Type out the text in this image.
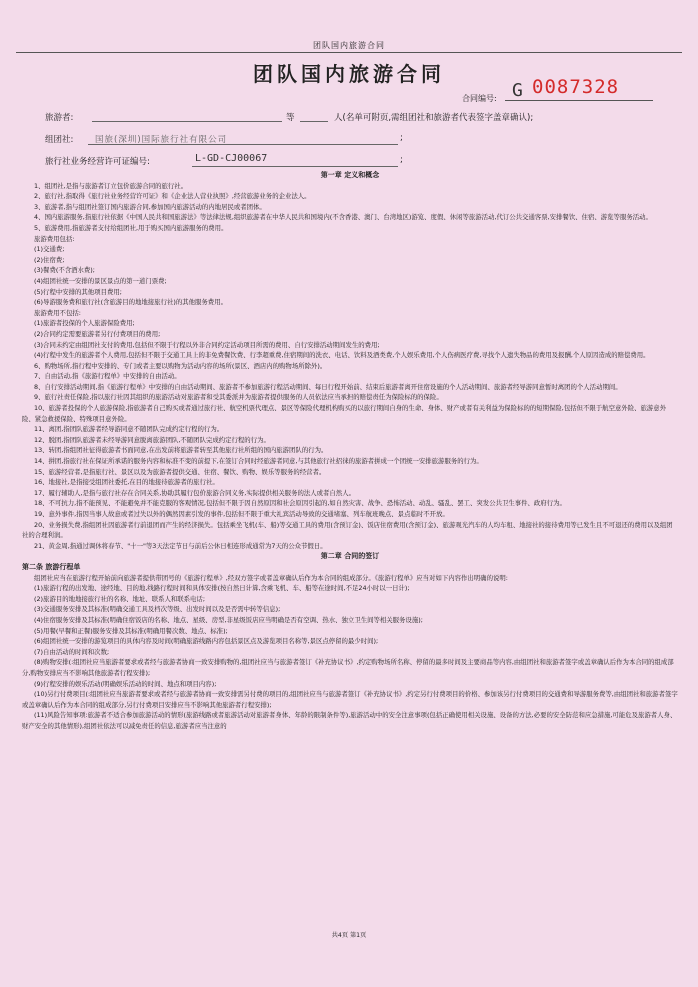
团队国内旅游合同
团队国内旅游合同
合同编号: G 0087328
旅游者:	等	人(名单可附页,需组团社和旅游者代表签字盖章确认);
组团社:	国旅(深圳)国际旅行社有限公司	;
旅行社业务经营许可证编号:	L-GD-CJ00067	;

第一章 定义和概念

1、组团社,是指与旅游者订立包价旅游合同的旅行社。

2、旅行社,指取得《旅行社业务经营许可证》和《企业法人营业执照》,经营旅游业务的企业法人。

3、旅游者,指与组团社签订国内旅游合同,参加国内旅游活动的内地居民或者团体。

4、国内旅游服务,指旅行社依据《中国人民共和国旅游法》等法律法规,组织旅游者在中华人民共和国境内(不含香港、澳门、台湾地区)游览、度假、休闲等旅游活动,代订公共交通客票,安排餐饮、住宿、游览等服务活动。

5、旅游费用,指旅游者支付给组团社,用于购买国内旅游服务的费用。

旅游费用包括:

(1)交通费;

(2)住宿费;

(3)餐费(不含酒水费);

(4)组团社统一安排的景区景点的第一道门票费;

(5)行程中安排的其他项目费用;

(6)导游服务费和旅行社(含旅游目的地地接旅行社)的其他服务费用。

旅游费用不包括:

(1)旅游者投保的个人旅游保险费用;

(2)合同约定需要旅游者另行付费项目的费用;

(3)合同未约定由组团社支付的费用,包括但不限于行程以外非合同约定活动项目所需的费用、自行安排活动期间发生的费用;

(4)行程中发生的旅游者个人费用,包括但不限于交通工具上的非免费餐饮费、行李超重费,住宿期间的洗衣、电话、饮料及酒类费,个人娱乐费用,个人伤病医疗费,寻找个人遗失物品的费用及报酬,个人原因造成的赔偿费用。

6、购物场所,指行程中安排的、专门或者主要以购物为活动内容的场所(景区、酒店内的购物场所除外)。

7、自由活动,指《旅游行程单》中安排的自由活动。

8、自行安排活动期间,指《旅游行程单》中安排的自由活动期间、旅游者不参加旅游行程活动期间、每日行程开始前、结束后旅游者离开住宿设施的个人活动期间、旅游者经导游同意暂时离团的个人活动期间。

9、旅行社责任保险,指以旅行社因其组织的旅游活动对旅游者和受其委派并为旅游者提供服务的人员依法应当承担的赔偿责任为保险标的的保险。

10、旅游者投保的个人旅游保险,指旅游者自己购买或者通过旅行社、航空机票代理点、景区等保险代理机构购买的以旅行期间自身的生命、身体、财产或者有关利益为保险标的的短期保险,包括但不限于航空意外险、旅游意外险、紧急救援保险、特殊项目意外险。

11、离团,指团队旅游者经导游同意不随团队完成约定行程的行为。

12、脱团,指团队旅游者未经导游同意脱离旅游团队,不随团队完成约定行程的行为。

13、转团,指组团社征得旅游者书面同意,在出发前将旅游者转至其他旅行社所组的国内旅游团队的行为。

14、拼团,指旅行社在保证所承诺的服务内容和标准不变的前提下,在签订合同时经旅游者同意,与其他旅行社招徕的旅游者拼成一个团统一安排旅游服务的行为。

15、旅游经营者,是指旅行社、景区以及为旅游者提供交通、住宿、餐饮、购物、娱乐等服务的经营者。

16、地接社,是指接受组团社委托,在目的地接待旅游者的旅行社。

17、履行辅助人,是指与旅行社存在合同关系,协助其履行包价旅游合同义务,实际提供相关服务的法人或者自然人。

18、不可抗力,指不能预见、不能避免并不能克服的客观情况,包括但不限于因自然原因和社会原因引起的,如自然灾害、战争、恐怖活动、动乱、骚乱、罢工、突发公共卫生事件、政府行为。

19、意外事件,指因当事人故意或者过失以外的偶然因素引发的事件,包括但不限于重大礼宾活动导致的交通堵塞、列车航班晚点、景点临时不开放。

20、业务损失费,指组团社因旅游者行前退团而产生的经济损失。包括乘坐飞机(车、船)等交通工具的费用(含预订金)、饭店住宿费用(含预订金)、旅游观光汽车的人均车租、地接社的接待费用等已发生且不可退还的费用以及组团社的合理利润。

21、黄金周,指通过调休将春节、"十一"等3天法定节日与前后公休日相连形成通常为7天的公众节假日。

第二章 合同的签订

第二条 旅游行程单

组团社应当在旅游行程开始前向旅游者提供带团号的《旅游行程单》,经双方签字或者盖章确认后作为本合同的组成部分。《旅游行程单》应当对如下内容作出明确的说明:

(1)旅游行程的出发地、途经地、目的地,线路行程时间和具体安排(按自然日计算,含乘飞机、车、船等在途时间,不足24小时以一日计);

(2)旅游目的地地接旅行社的名称、地址、联系人和联系电话;

(3)交通服务安排及其标准(明确交通工具及档次等级、出发时间以及是否需中转等信息);

(4)住宿服务安排及其标准(明确住宿饭店的名称、地点、星级、房型,非星级饭店应当明确是否有空调、热水、独立卫生间等相关服务设施);

(5)用餐(早餐和正餐)服务安排及其标准(明确用餐次数、地点、标准);

(6)组团社统一安排的游览项目的具体内容及时间(明确旅游线路内容包括景区点及游览项目名称等,景区点停留的最少时间);

(7)自由活动的时间和次数;

(8)购物安排(:组团社应当旅游者要求或者经与旅游者协商一致安排购物的,组团社应当与旅游者签订《补充协议书》,约定购物场所名称、停留的最多时间及主要商品等内容,由组团社和旅游者签字或盖章确认后作为本合同的组成部分,购物安排应当不影响其他旅游者行程安排);

(9)行程安排的娱乐活动(明确娱乐活动的时间、地点和项目内容);

(10)另行付费项目(:组团社应当旅游者要求或者经与旅游者协商一致安排需另付费的项目的,组团社应当与旅游者签订《补充协议书》,约定另行付费项目的价格、参加该另行付费项目的交通费和导游服务费等,由组团社和旅游者签字或盖章确认后作为本合同的组成部分,另行付费项目安排应当不影响其他旅游者行程安排);

(11)风险告知事项:旅游者不适合参加旅游活动的情形(旅游线路或者旅游活动对旅游者身体、年龄的限制条件等),旅游活动中的安全注意事项(包括正确使用相关设施、设备的方法,必要的安全防范和应急措施,可能危及旅游者人身、财产安全的其他情形),组团社依法可以减免责任的信息,旅游者应当注意的

共4页 第1页
